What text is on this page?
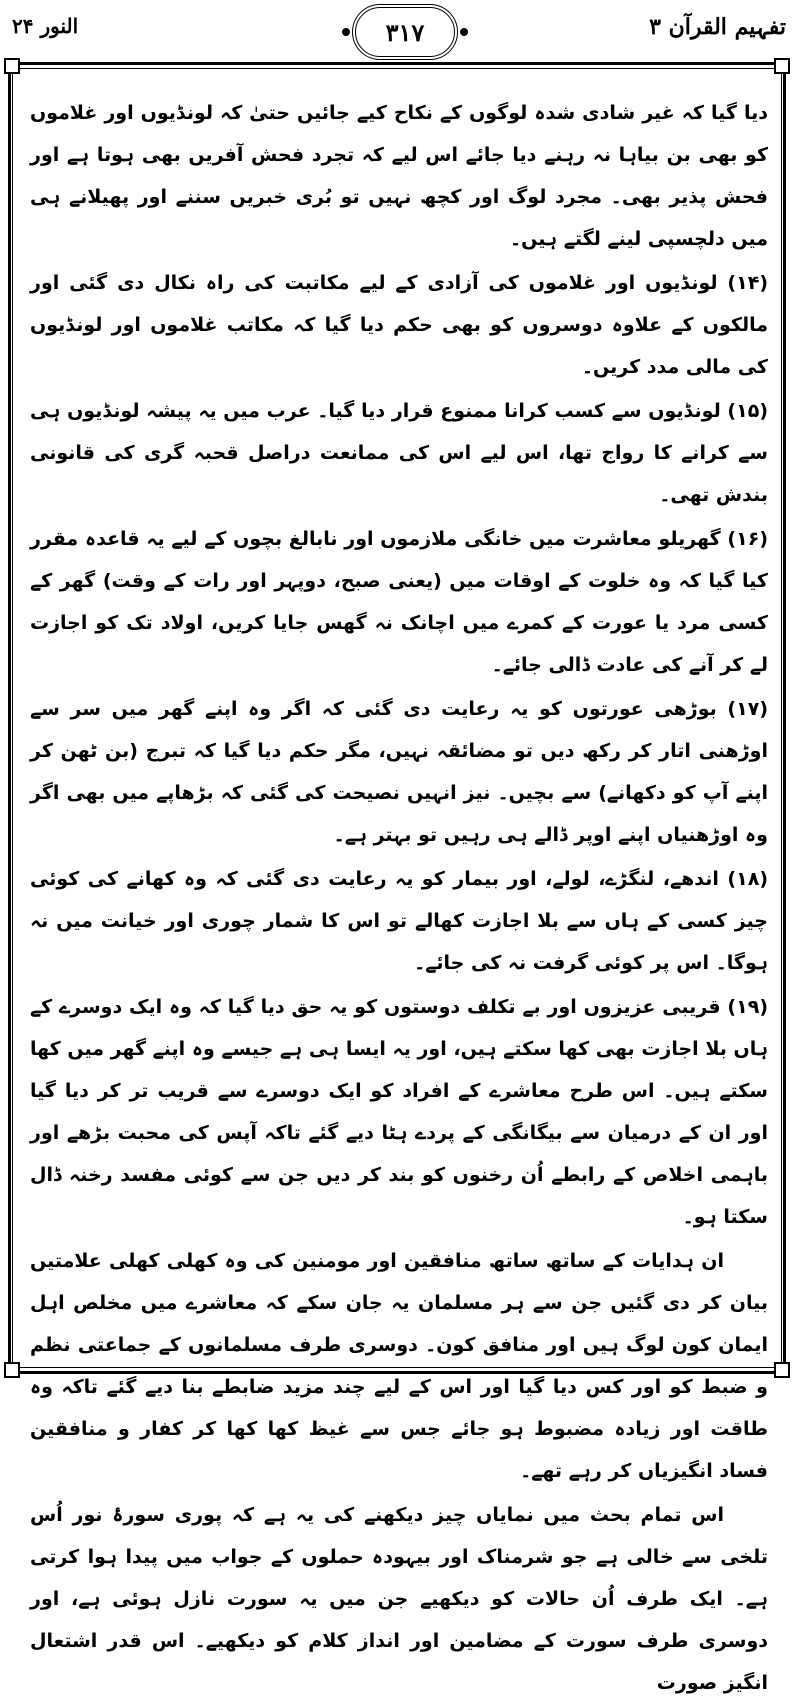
تفہیم القرآن ۳
۳۱۷
النور ۲۴

دیا گیا کہ غیر شادی شدہ لوگوں کے نکاح کیے جائیں حتیٰ کہ لونڈیوں اور غلاموں کو بھی بن بیاہا نہ رہنے دیا جائے اس لیے کہ تجرد فحش آفریں بھی ہوتا ہے اور فحش پذیر بھی۔ مجرد لوگ اور کچھ نہیں تو بُری خبریں سننے اور پھیلانے ہی میں دلچسپی لینے لگتے ہیں۔

(۱۴) لونڈیوں اور غلاموں کی آزادی کے لیے مکاتبت کی راہ نکال دی گئی اور مالکوں کے علاوہ دوسروں کو بھی حکم دیا گیا کہ مکاتب غلاموں اور لونڈیوں کی مالی مدد کریں۔

(۱۵) لونڈیوں سے کسب کرانا ممنوع قرار دیا گیا۔ عرب میں یہ پیشہ لونڈیوں ہی سے کرانے کا رواج تھا، اس لیے اس کی ممانعت دراصل قحبہ گری کی قانونی بندش تھی۔

(۱۶) گھریلو معاشرت میں خانگی ملازموں اور نابالغ بچوں کے لیے یہ قاعدہ مقرر کیا گیا کہ وہ خلوت کے اوقات میں (یعنی صبح، دوپہر اور رات کے وقت) گھر کے کسی مرد یا عورت کے کمرے میں اچانک نہ گھس جایا کریں، اولاد تک کو اجازت لے کر آنے کی عادت ڈالی جائے۔

(۱۷) بوڑھی عورتوں کو یہ رعایت دی گئی کہ اگر وہ اپنے گھر میں سر سے اوڑھنی اتار کر رکھ دیں تو مضائقہ نہیں، مگر حکم دیا گیا کہ تبرج (بن ٹھن کر اپنے آپ کو دکھانے) سے بچیں۔ نیز انہیں نصیحت کی گئی کہ بڑھاپے میں بھی اگر وہ اوڑھنیاں اپنے اوپر ڈالے ہی رہیں تو بہتر ہے۔

(۱۸) اندھے، لنگڑے، لولے، اور بیمار کو یہ رعایت دی گئی کہ وہ کھانے کی کوئی چیز کسی کے ہاں سے بلا اجازت کھالے تو اس کا شمار چوری اور خیانت میں نہ ہوگا۔ اس پر کوئی گرفت نہ کی جائے۔

(۱۹) قریبی عزیزوں اور بے تکلف دوستوں کو یہ حق دیا گیا کہ وہ ایک دوسرے کے ہاں بلا اجازت بھی کھا سکتے ہیں، اور یہ ایسا ہی ہے جیسے وہ اپنے گھر میں کھا سکتے ہیں۔ اس طرح معاشرے کے افراد کو ایک دوسرے سے قریب تر کر دیا گیا اور ان کے درمیان سے بیگانگی کے پردے ہٹا دیے گئے تاکہ آپس کی محبت بڑھے اور باہمی اخلاص کے رابطے اُن رخنوں کو بند کر دیں جن سے کوئی مفسد رخنہ ڈال سکتا ہو۔

ان ہدایات کے ساتھ ساتھ منافقین اور مومنین کی وہ کھلی کھلی علامتیں بیان کر دی گئیں جن سے ہر مسلمان یہ جان سکے کہ معاشرے میں مخلص اہل ایمان کون لوگ ہیں اور منافق کون۔ دوسری طرف مسلمانوں کے جماعتی نظم و ضبط کو اور کس دیا گیا اور اس کے لیے چند مزید ضابطے بنا دیے گئے تاکہ وہ طاقت اور زیادہ مضبوط ہو جائے جس سے غیظ کھا کھا کر کفار و منافقین فساد انگیزیاں کر رہے تھے۔

اس تمام بحث میں نمایاں چیز دیکھنے کی یہ ہے کہ پوری سورۂ نور اُس تلخی سے خالی ہے جو شرمناک اور بیہودہ حملوں کے جواب میں پیدا ہوا کرتی ہے۔ ایک طرف اُن حالات کو دیکھیے جن میں یہ سورت نازل ہوئی ہے، اور دوسری طرف سورت کے مضامین اور انداز کلام کو دیکھیے۔ اس قدر اشتعال انگیز صورت
